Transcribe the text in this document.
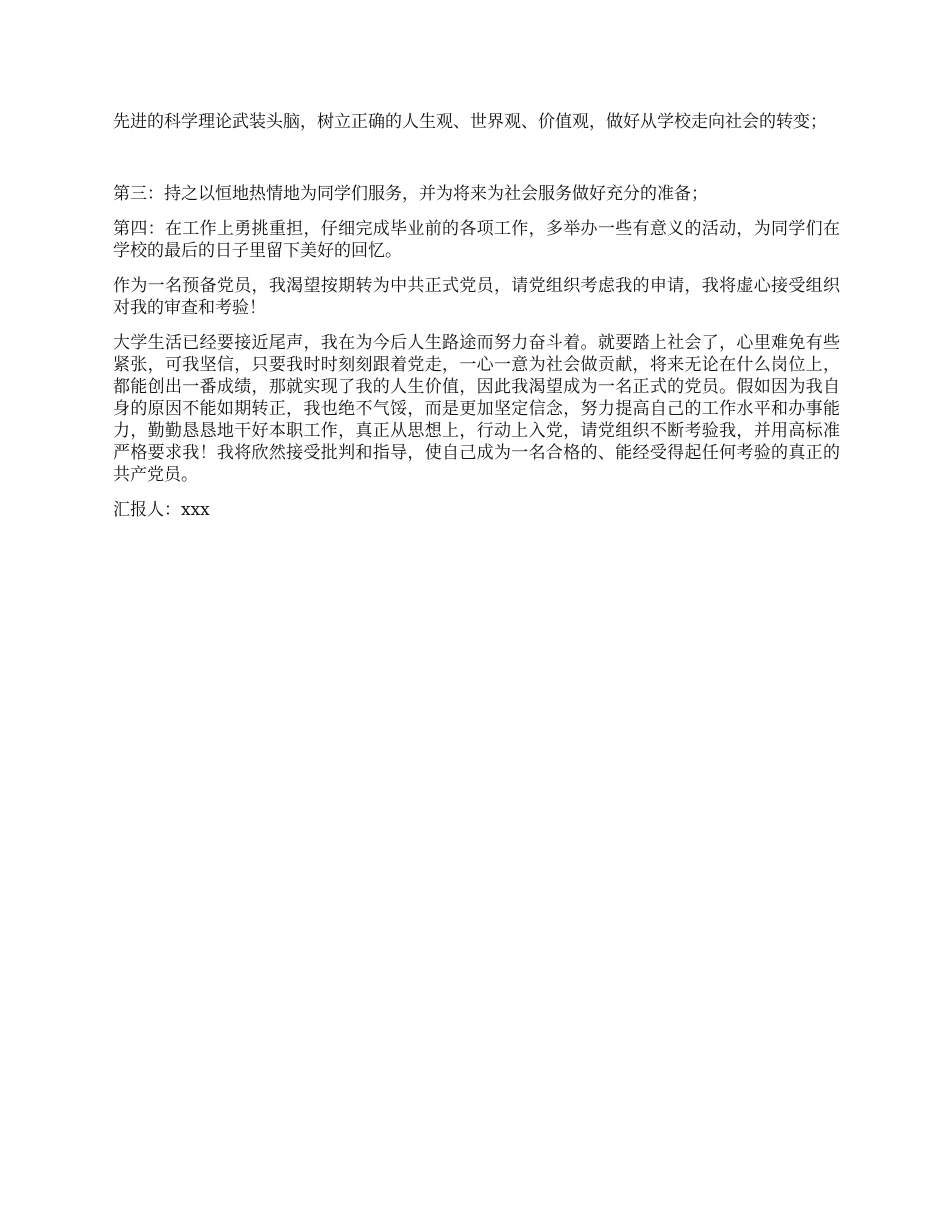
先进的科学理论武装头脑，树立正确的人生观、世界观、价值观，做好从学校走向社会的转变；

第三：持之以恒地热情地为同学们服务，并为将来为社会服务做好充分的准备；

第四：在工作上勇挑重担，仔细完成毕业前的各项工作，多举办一些有意义的活动，为同学们在学校的最后的日子里留下美好的回忆。

作为一名预备党员，我渴望按期转为中共正式党员，请党组织考虑我的申请，我将虚心接受组织对我的审查和考验！

大学生活已经要接近尾声，我在为今后人生路途而努力奋斗着。就要踏上社会了，心里难免有些紧张，可我坚信，只要我时时刻刻跟着党走，一心一意为社会做贡献，将来无论在什么岗位上，都能创出一番成绩，那就实现了我的人生价值，因此我渴望成为一名正式的党员。假如因为我自身的原因不能如期转正，我也绝不气馁，而是更加坚定信念，努力提高自己的工作水平和办事能力，勤勤恳恳地干好本职工作，真正从思想上，行动上入党，请党组织不断考验我，并用高标准严格要求我！我将欣然接受批判和指导，使自己成为一名合格的、能经受得起任何考验的真正的共产党员。

汇报人：xxx
